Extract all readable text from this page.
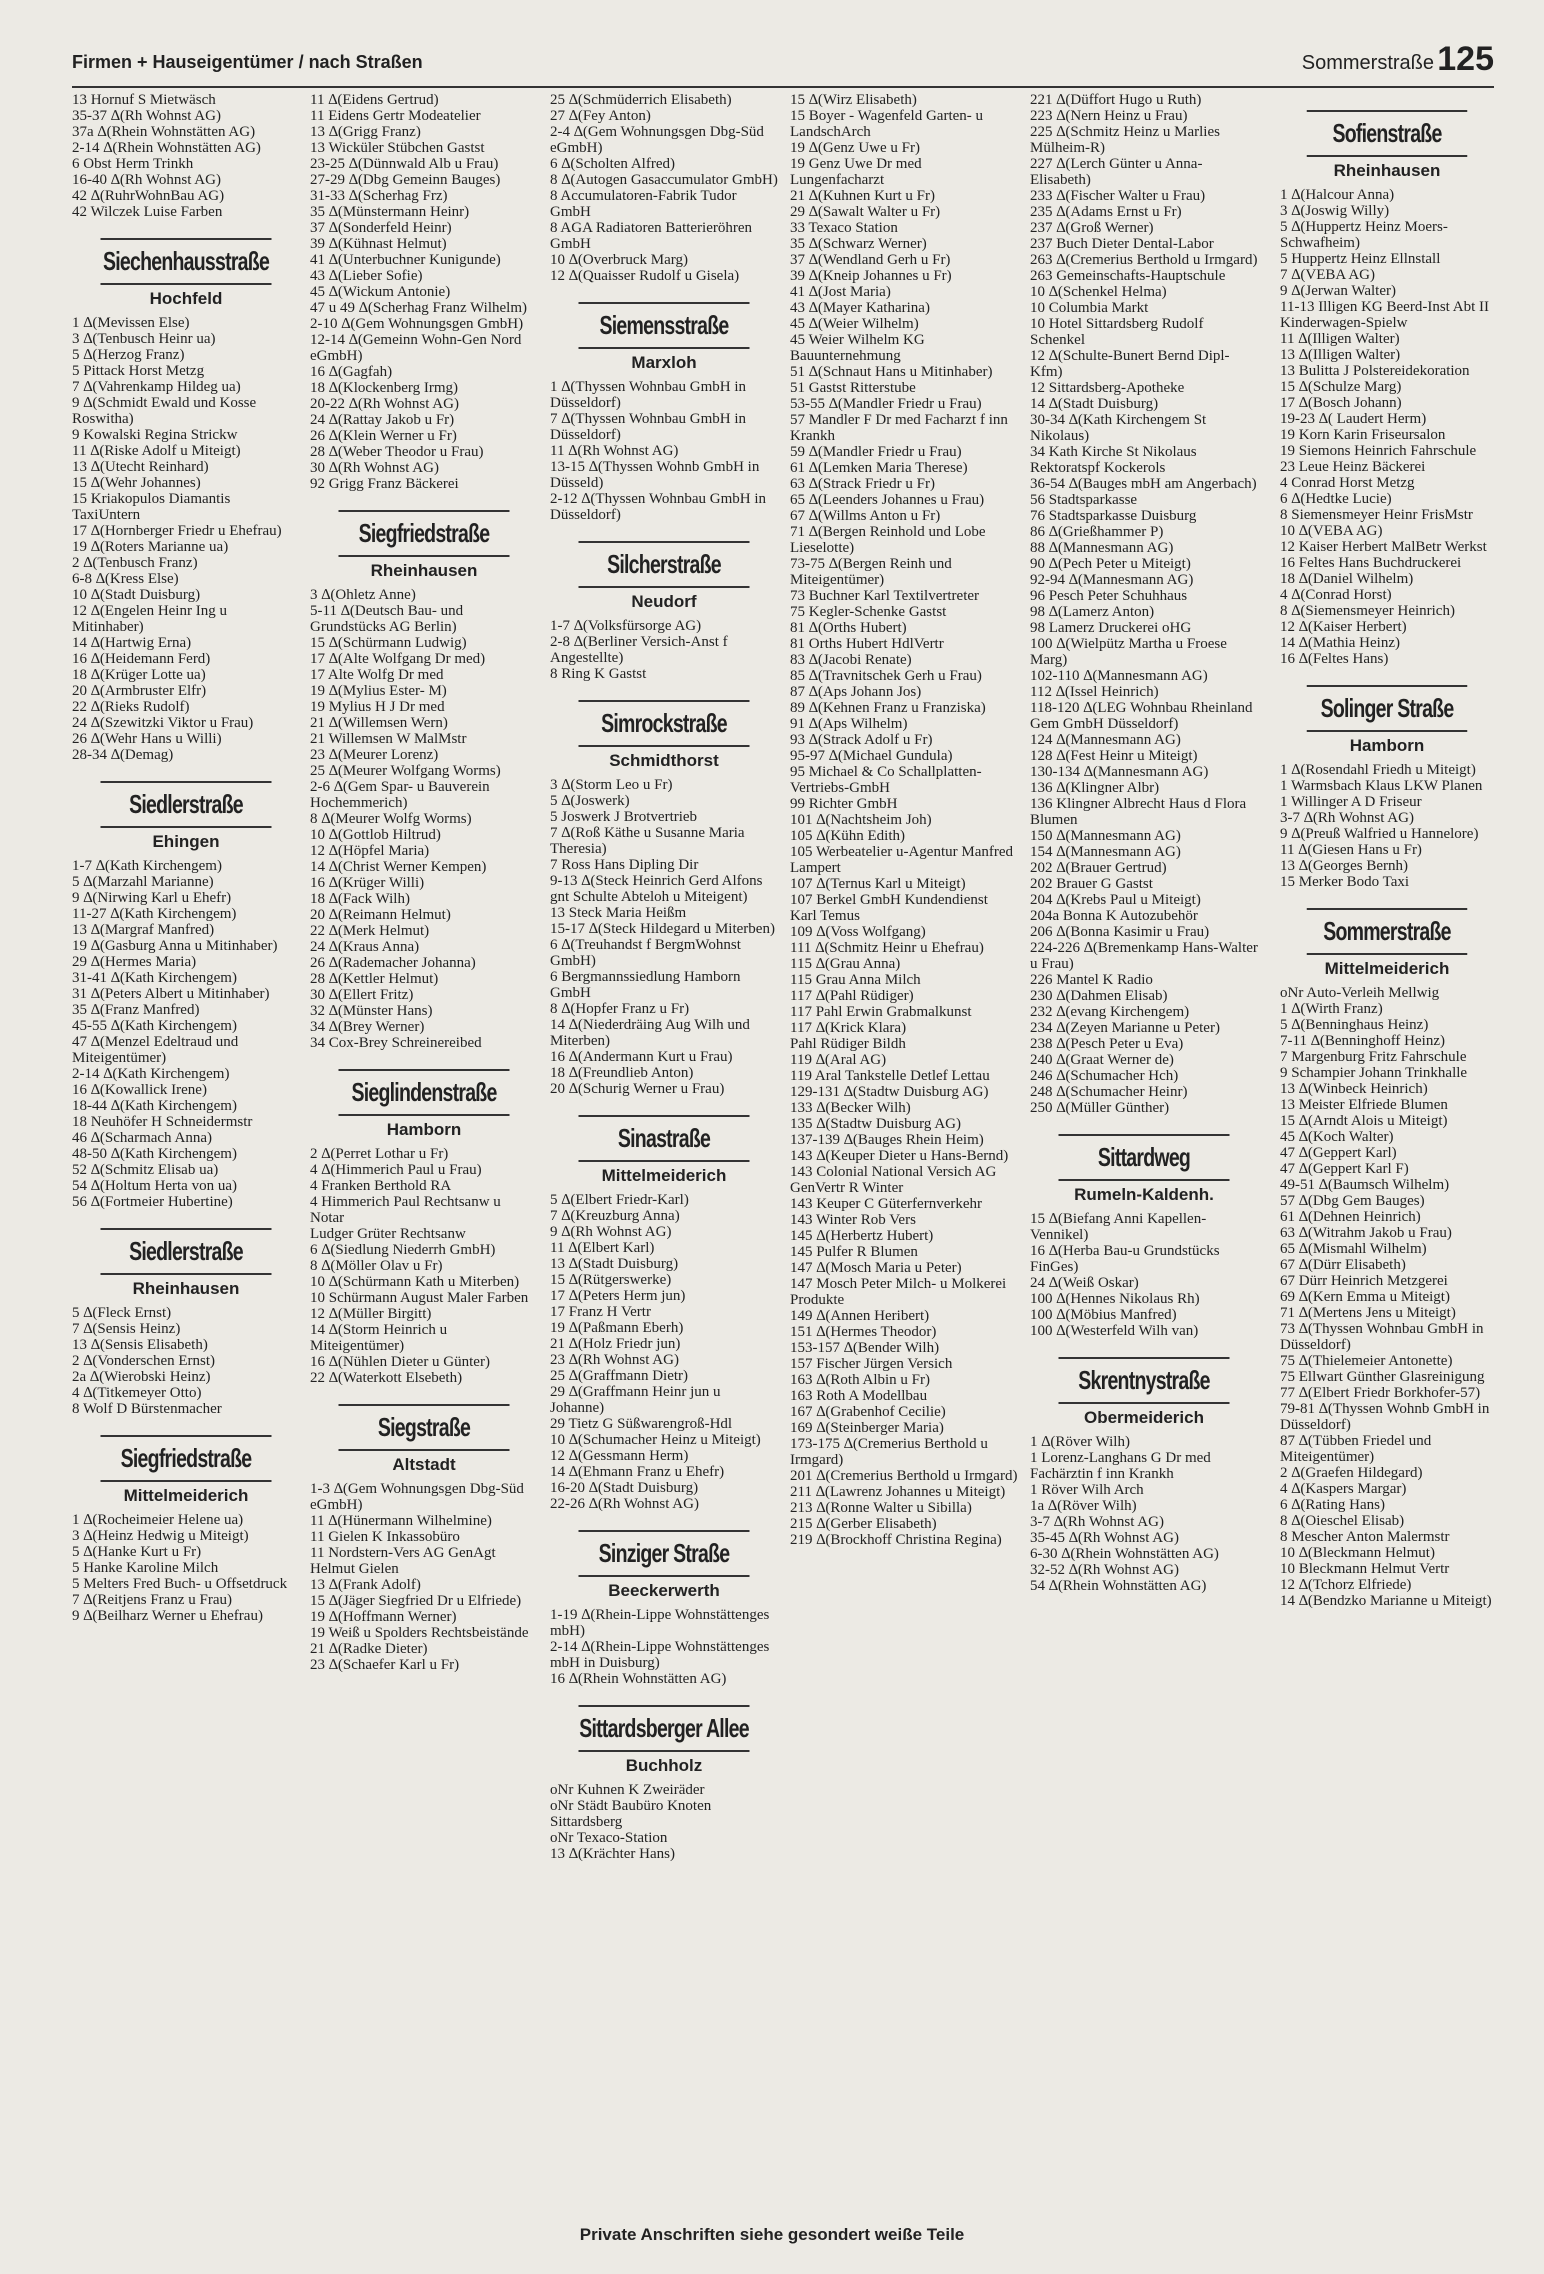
Firmen + Hauseigentümer / nach Straßen	Sommerstraße 125
13 Hornuf S Mietwäsch
35-37 ∆(Rh Wohnst AG)
37a ∆(Rhein Wohnstätten AG)
2-14 ∆(Rhein Wohnstätten AG)
6 Obst Herm Trinkh
16-40 ∆(Rh Wohnst AG)
42 ∆(RuhrWohnBau AG)
42 Wilczek Luise Farben
Siechenhausstraße
Hochfeld
1 ∆(Mevissen Else)
3 ∆(Tenbusch Heinr ua)
5 ∆(Herzog Franz)
5 Pittack Horst Metzg
7 ∆(Vahrenkamp Hildeg ua)
9 ∆(Schmidt Ewald und Kosse Roswitha)
9 Kowalski Regina Strickw
11 ∆(Riske Adolf u Miteigt)
13 ∆(Utecht Reinhard)
15 ∆(Wehr Johannes)
15 Kriakopulos Diamantis TaxiUntern
17 ∆(Hornberger Friedr u Ehefrau)
19 ∆(Roters Marianne ua)
2 ∆(Tenbusch Franz)
6-8 ∆(Kress Else)
10 ∆(Stadt Duisburg)
12 ∆(Engelen Heinr Ing u Mitinhaber)
14 ∆(Hartwig Erna)
16 ∆(Heidemann Ferd)
18 ∆(Krüger Lotte ua)
20 ∆(Armbruster Elfr)
22 ∆(Rieks Rudolf)
24 ∆(Szewitzki Viktor u Frau)
26 ∆(Wehr Hans u Willi)
28-34 ∆(Demag)
Siedlerstraße
Ehingen
1-7 ∆(Kath Kirchengem)
5 ∆(Marzahl Marianne)
9 ∆(Nirwing Karl u Ehefr)
11-27 ∆(Kath Kirchengem)
13 ∆(Margraf Manfred)
19 ∆(Gasburg Anna u Mitinhaber)
29 ∆(Hermes Maria)
31-41 ∆(Kath Kirchengem)
31 ∆(Peters Albert u Mitinhaber)
35 ∆(Franz Manfred)
45-55 ∆(Kath Kirchengem)
47 ∆(Menzel Edeltraud und Miteigentümer)
2-14 ∆(Kath Kirchengem)
16 ∆(Kowallick Irene)
18-44 ∆(Kath Kirchengem)
18 Neuhöfer H Schneidermstr
46 ∆(Scharmach Anna)
48-50 ∆(Kath Kirchengem)
52 ∆(Schmitz Elisab ua)
54 ∆(Holtum Herta von ua)
56 ∆(Fortmeier Hubertine)
Siedlerstraße
Rheinhausen
5 ∆(Fleck Ernst)
7 ∆(Sensis Heinz)
13 ∆(Sensis Elisabeth)
2 ∆(Vonderschen Ernst)
2a ∆(Wierobski Heinz)
4 ∆(Titkemeyer Otto)
8 Wolf D Bürstenmacher
Siegfriedstraße
Mittelmeiderich
1 ∆(Rocheimeier Helene ua)
3 ∆(Heinz Hedwig u Miteigt)
5 ∆(Hanke Kurt u Fr)
5 Hanke Karoline Milch
5 Melters Fred Buch- u Offsetdruck
7 ∆(Reitjens Franz u Frau)
9 ∆(Beilharz Werner u Ehefrau)
11 ∆(Eidens Gertrud)
11 Eidens Gertr Modeatelier
13 ∆(Grigg Franz)
13 Wicküler Stübchen Gastst
23-25 ∆(Dünnwald Alb u Frau)
27-29 ∆(Dbg Gemeinn Bauges)
31-33 ∆(Scherhag Frz)
35 ∆(Münstermann Heinr)
37 ∆(Sonderfeld Heinr)
39 ∆(Kühnast Helmut)
41 ∆(Unterbuchner Kunigunde)
43 ∆(Lieber Sofie)
45 ∆(Wickum Antonie)
47 u 49 ∆(Scherhag Franz Wilhelm)
2-10 ∆(Gem Wohnungsgen GmbH)
12-14 ∆(Gemeinn Wohn-Gen Nord eGmbH)
16 ∆(Gagfah)
18 ∆(Klockenberg Irmg)
20-22 ∆(Rh Wohnst AG)
24 ∆(Rattay Jakob u Fr)
26 ∆(Klein Werner u Fr)
28 ∆(Weber Theodor u Frau)
30 ∆(Rh Wohnst AG)
92 Grigg Franz Bäckerei
Siegfriedstraße
Rheinhausen
3 ∆(Ohletz Anne)
5-11 ∆(Deutsch Bau- und Grundstücks AG Berlin)
15 ∆(Schürmann Ludwig)
17 ∆(Alte Wolfgang Dr med)
17 Alte Wolfg Dr med
19 ∆(Mylius Ester- M)
19 Mylius H J Dr med
21 ∆(Willemsen Wern)
21 Willemsen W MalMstr
23 ∆(Meurer Lorenz)
25 ∆(Meurer Wolfgang Worms)
2-6 ∆(Gem Spar- u Bauverein Hochemmerich)
8 ∆(Meurer Wolfg Worms)
10 ∆(Gottlob Hiltrud)
12 ∆(Höpfel Maria)
14 ∆(Christ Werner Kempen)
16 ∆(Krüger Willi)
18 ∆(Fack Wilh)
20 ∆(Reimann Helmut)
22 ∆(Merk Helmut)
24 ∆(Kraus Anna)
26 ∆(Rademacher Johanna)
28 ∆(Kettler Helmut)
30 ∆(Ellert Fritz)
32 ∆(Münster Hans)
34 ∆(Brey Werner)
34 Cox-Brey Schreinereibed
Sieglindenstraße
Hamborn
2 ∆(Perret Lothar u Fr)
4 ∆(Himmerich Paul u Frau)
4 Franken Berthold RA
4 Himmerich Paul Rechtsanw u Notar
Ludger Grüter Rechtsanw
6 ∆(Siedlung Niederrh GmbH)
8 ∆(Möller Olav u Fr)
10 ∆(Schürmann Kath u Miterben)
10 Schürmann August Maler Farben
12 ∆(Müller Birgitt)
14 ∆(Storm Heinrich u Miteigentümer)
16 ∆(Nühlen Dieter u Günter)
22 ∆(Waterkott Elsebeth)
Siegstraße
Altstadt
1-3 ∆(Gem Wohnungsgen Dbg-Süd eGmbH)
11 ∆(Hünermann Wilhelmine)
11 Gielen K Inkassobüro
11 Nordstern-Vers AG GenAgt Helmut Gielen
13 ∆(Frank Adolf)
15 ∆(Jäger Siegfried Dr u Elfriede)
19 ∆(Hoffmann Werner)
19 Weiß u Spolders Rechtsbeistände
21 ∆(Radke Dieter)
23 ∆(Schaefer Karl u Fr)
25 ∆(Schmüderrich Elisabeth)
27 ∆(Fey Anton)
2-4 ∆(Gem Wohnungsgen Dbg-Süd eGmbH)
6 ∆(Scholten Alfred)
8 ∆(Autogen Gasaccumulator GmbH)
8 Accumulatoren-Fabrik Tudor GmbH
8 AGA Radiatoren Batterieröhren GmbH
10 ∆(Overbruck Marg)
12 ∆(Quaisser Rudolf u Gisela)
Siemensstraße
Marxloh
1 ∆(Thyssen Wohnbau GmbH in Düsseldorf)
7 ∆(Thyssen Wohnbau GmbH in Düsseldorf)
11 ∆(Rh Wohnst AG)
13-15 ∆(Thyssen Wohnb GmbH in Düsseld)
2-12 ∆(Thyssen Wohnbau GmbH in Düsseldorf)
Silcherstraße
Neudorf
1-7 ∆(Volksfürsorge AG)
2-8 ∆(Berliner Versich-Anst f Angestellte)
8 Ring K Gastst
Simrockstraße
Schmidthorst
3 ∆(Storm Leo u Fr)
5 ∆(Joswerk)
5 Joswerk J Brotvertrieb
7 ∆(Roß Käthe u Susanne Maria Theresia)
7 Ross Hans Dipling Dir
9-13 ∆(Steck Heinrich Gerd Alfons gnt Schulte Abteloh u Miteigent)
13 Steck Maria Heißm
15-17 ∆(Steck Hildegard u Miterben)
6 ∆(Treuhandst f BergmWohnst GmbH)
6 Bergmannssiedlung Hamborn GmbH
8 ∆(Hopfer Franz u Fr)
14 ∆(Niederdräing Aug Wilh und Miterben)
16 ∆(Andermann Kurt u Frau)
18 ∆(Freundlieb Anton)
20 ∆(Schurig Werner u Frau)
Sinastraße
Mittelmeiderich
5 ∆(Elbert Friedr-Karl)
7 ∆(Kreuzburg Anna)
9 ∆(Rh Wohnst AG)
11 ∆(Elbert Karl)
13 ∆(Stadt Duisburg)
15 ∆(Rütgerswerke)
17 ∆(Peters Herm jun)
17 Franz H Vertr
19 ∆(Paßmann Eberh)
21 ∆(Holz Friedr jun)
23 ∆(Rh Wohnst AG)
25 ∆(Graffmann Dietr)
29 ∆(Graffmann Heinr jun u Johanne)
29 Tietz G Süßwarengroß-Hdl
10 ∆(Schumacher Heinz u Miteigt)
12 ∆(Gessmann Herm)
14 ∆(Ehmann Franz u Ehefr)
16-20 ∆(Stadt Duisburg)
22-26 ∆(Rh Wohnst AG)
Sinziger Straße
Beeckerwerth
1-19 ∆(Rhein-Lippe Wohnstättenges mbH)
2-14 ∆(Rhein-Lippe Wohnstättenges mbH in Duisburg)
16 ∆(Rhein Wohnstätten AG)
Sittardsberger Allee
Buchholz
oNr Kuhnen K Zweiräder
oNr Städt Baubüro Knoten Sittardsberg
oNr Texaco-Station
13 ∆(Krächter Hans)
15 ∆(Wirz Elisabeth)
15 Boyer - Wagenfeld Garten- u LandschArch
19 ∆(Genz Uwe u Fr)
19 Genz Uwe Dr med Lungenfacharzt
21 ∆(Kuhnen Kurt u Fr)
29 ∆(Sawalt Walter u Fr)
33 Texaco Station
35 ∆(Schwarz Werner)
37 ∆(Wendland Gerh u Fr)
39 ∆(Kneip Johannes u Fr)
41 ∆(Jost Maria)
43 ∆(Mayer Katharina)
45 ∆(Weier Wilhelm)
45 Weier Wilhelm KG Bauunternehmung
51 ∆(Schnaut Hans u Mitinhaber)
51 Gastst Ritterstube
53-55 ∆(Mandler Friedr u Frau)
57 Mandler F Dr med Facharzt f inn Krankh
59 ∆(Mandler Friedr u Frau)
61 ∆(Lemken Maria Therese)
63 ∆(Strack Friedr u Fr)
65 ∆(Leenders Johannes u Frau)
67 ∆(Willms Anton u Fr)
71 ∆(Bergen Reinhold und Lobe Lieselotte)
73-75 ∆(Bergen Reinh und Miteigentümer)
73 Buchner Karl Textilvertreter
75 Kegler-Schenke Gastst
81 ∆(Orths Hubert)
81 Orths Hubert HdlVertr
83 ∆(Jacobi Renate)
85 ∆(Travnitschek Gerh u Frau)
87 ∆(Aps Johann Jos)
89 ∆(Kehnen Franz u Franziska)
91 ∆(Aps Wilhelm)
93 ∆(Strack Adolf u Fr)
95-97 ∆(Michael Gundula)
95 Michael & Co Schallplatten-Vertriebs-GmbH
99 Richter GmbH
101 ∆(Nachtsheim Joh)
105 ∆(Kühn Edith)
105 Werbeatelier u-Agentur Manfred Lampert
107 ∆(Ternus Karl u Miteigt)
107 Berkel GmbH Kundendienst Karl Temus
109 ∆(Voss Wolfgang)
111 ∆(Schmitz Heinr u Ehefrau)
115 ∆(Grau Anna)
115 Grau Anna Milch
117 ∆(Pahl Rüdiger)
117 Pahl Erwin Grabmalkunst
117 ∆(Krick Klara)
Pahl Rüdiger Bildh
119 ∆(Aral AG)
119 Aral Tankstelle Detlef Lettau
129-131 ∆(Stadtw Duisburg AG)
133 ∆(Becker Wilh)
135 ∆(Stadtw Duisburg AG)
137-139 ∆(Bauges Rhein Heim)
143 ∆(Keuper Dieter u Hans-Bernd)
143 Colonial National Versich AG GenVertr R Winter
143 Keuper C Güterfernverkehr
143 Winter Rob Vers
145 ∆(Herbertz Hubert)
145 Pulfer R Blumen
147 ∆(Mosch Maria u Peter)
147 Mosch Peter Milch- u Molkerei Produkte
149 ∆(Annen Heribert)
151 ∆(Hermes Theodor)
153-157 ∆(Bender Wilh)
157 Fischer Jürgen Versich
163 ∆(Roth Albin u Fr)
163 Roth A Modellbau
167 ∆(Grabenhof Cecilie)
169 ∆(Steinberger Maria)
173-175 ∆(Cremerius Berthold u Irmgard)
201 ∆(Cremerius Berthold u Irmgard)
211 ∆(Lawrenz Johannes u Miteigt)
213 ∆(Ronne Walter u Sibilla)
215 ∆(Gerber Elisabeth)
219 ∆(Brockhoff Christina Regina)
221 ∆(Düffort Hugo u Ruth)
223 ∆(Nern Heinz u Frau)
225 ∆(Schmitz Heinz u Marlies Mülheim-R)
227 ∆(Lerch Günter u Anna-Elisabeth)
233 ∆(Fischer Walter u Frau)
235 ∆(Adams Ernst u Fr)
237 ∆(Groß Werner)
237 Buch Dieter Dental-Labor
263 ∆(Cremerius Berthold u Irmgard)
263 Gemeinschafts-Hauptschule
10 ∆(Schenkel Helma)
10 Columbia Markt
10 Hotel Sittardsberg Rudolf Schenkel
12 ∆(Schulte-Bunert Bernd Dipl-Kfm)
12 Sittardsberg-Apotheke
14 ∆(Stadt Duisburg)
30-34 ∆(Kath Kirchengem St Nikolaus)
34 Kath Kirche St Nikolaus Rektoratspf Kockerols
36-54 ∆(Bauges mbH am Angerbach)
56 Stadtsparkasse
76 Stadtsparkasse Duisburg
86 ∆(Grießhammer P)
88 ∆(Mannesmann AG)
90 ∆(Pech Peter u Miteigt)
92-94 ∆(Mannesmann AG)
96 Pesch Peter Schuhhaus
98 ∆(Lamerz Anton)
98 Lamerz Druckerei oHG
100 ∆(Wielpütz Martha u Froese Marg)
102-110 ∆(Mannesmann AG)
112 ∆(Issel Heinrich)
118-120 ∆(LEG Wohnbau Rheinland Gem GmbH Düsseldorf)
124 ∆(Mannesmann AG)
128 ∆(Fest Heinr u Miteigt)
130-134 ∆(Mannesmann AG)
136 ∆(Klingner Albr)
136 Klingner Albrecht Haus d Flora Blumen
150 ∆(Mannesmann AG)
154 ∆(Mannesmann AG)
202 ∆(Brauer Gertrud)
202 Brauer G Gastst
204 ∆(Krebs Paul u Miteigt)
204a Bonna K Autozubehör
206 ∆(Bonna Kasimir u Frau)
224-226 ∆(Bremenkamp Hans-Walter u Frau)
226 Mantel K Radio
230 ∆(Dahmen Elisab)
232 ∆(evang Kirchengem)
234 ∆(Zeyen Marianne u Peter)
238 ∆(Pesch Peter u Eva)
240 ∆(Graat Werner de)
246 ∆(Schumacher Hch)
248 ∆(Schumacher Heinr)
250 ∆(Müller Günther)
Sittardweg
Rumeln-Kaldenh.
15 ∆(Biefang Anni Kapellen-Vennikel)
16 ∆(Herba Bau-u Grundstücks FinGes)
24 ∆(Weiß Oskar)
100 ∆(Hennes Nikolaus Rh)
100 ∆(Möbius Manfred)
100 ∆(Westerfeld Wilh van)
Skrentnystraße
Obermeiderich
1 ∆(Röver Wilh)
1 Lorenz-Langhans G Dr med Fachärztin f inn Krankh
1 Röver Wilh Arch
1a ∆(Röver Wilh)
3-7 ∆(Rh Wohnst AG)
35-45 ∆(Rh Wohnst AG)
6-30 ∆(Rhein Wohnstätten AG)
32-52 ∆(Rh Wohnst AG)
54 ∆(Rhein Wohnstätten AG)
Sofienstraße
Rheinhausen
1 ∆(Halcour Anna)
3 ∆(Joswig Willy)
5 ∆(Huppertz Heinz Moers-Schwafheim)
5 Huppertz Heinz Ellnstall
7 ∆(VEBA AG)
9 ∆(Jerwan Walter)
11-13 Illigen KG Beerd-Inst Abt II Kinderwagen-Spielw
11 ∆(Illigen Walter)
13 ∆(Illigen Walter)
13 Bulitta J Polstereidekoration
15 ∆(Schulze Marg)
17 ∆(Bosch Johann)
19-23 ∆( Laudert Herm)
19 Korn Karin Friseursalon
19 Siemons Heinrich Fahrschule
23 Leue Heinz Bäckerei
4 Conrad Horst Metzg
6 ∆(Hedtke Lucie)
8 Siemensmeyer Heinr FrisMstr
10 ∆(VEBA AG)
12 Kaiser Herbert MalBetr Werkst
16 Feltes Hans Buchdruckerei
18 ∆(Daniel Wilhelm)
4 ∆(Conrad Horst)
8 ∆(Siemensmeyer Heinrich)
12 ∆(Kaiser Herbert)
14 ∆(Mathia Heinz)
16 ∆(Feltes Hans)
Solinger Straße
Hamborn
1 ∆(Rosendahl Friedh u Miteigt)
1 Warmsbach Klaus LKW Planen
1 Willinger A D Friseur
3-7 ∆(Rh Wohnst AG)
9 ∆(Preuß Walfried u Hannelore)
11 ∆(Giesen Hans u Fr)
13 ∆(Georges Bernh)
15 Merker Bodo Taxi
Sommerstraße
Mittelmeiderich
oNr Auto-Verleih Mellwig
1 ∆(Wirth Franz)
5 ∆(Benninghaus Heinz)
7-11 ∆(Benninghoff Heinz)
7 Margenburg Fritz Fahrschule
9 Schampier Johann Trinkhalle
13 ∆(Winbeck Heinrich)
13 Meister Elfriede Blumen
15 ∆(Arndt Alois u Miteigt)
45 ∆(Koch Walter)
47 ∆(Geppert Karl)
47 ∆(Geppert Karl F)
49-51 ∆(Baumsch Wilhelm)
57 ∆(Dbg Gem Bauges)
61 ∆(Dehnen Heinrich)
63 ∆(Witrahm Jakob u Frau)
65 ∆(Mismahl Wilhelm)
67 ∆(Dürr Elisabeth)
67 Dürr Heinrich Metzgerei
69 ∆(Kern Emma u Miteigt)
71 ∆(Mertens Jens u Miteigt)
73 ∆(Thyssen Wohnbau GmbH in Düsseldorf)
75 ∆(Thielemeier Antonette)
75 Ellwart Günther Glasreinigung
77 ∆(Elbert Friedr Borkhofer-57)
79-81 ∆(Thyssen Wohnb GmbH in Düsseldorf)
87 ∆(Tübben Friedel und Miteigentümer)
2 ∆(Graefen Hildegard)
4 ∆(Kaspers Margar)
6 ∆(Rating Hans)
8 ∆(Oieschel Elisab)
8 Mescher Anton Malermstr
10 ∆(Bleckmann Helmut)
10 Bleckmann Helmut Vertr
12 ∆(Tchorz Elfriede)
14 ∆(Bendzko Marianne u Miteigt)
Private Anschriften siehe gesondert weiße Teile
